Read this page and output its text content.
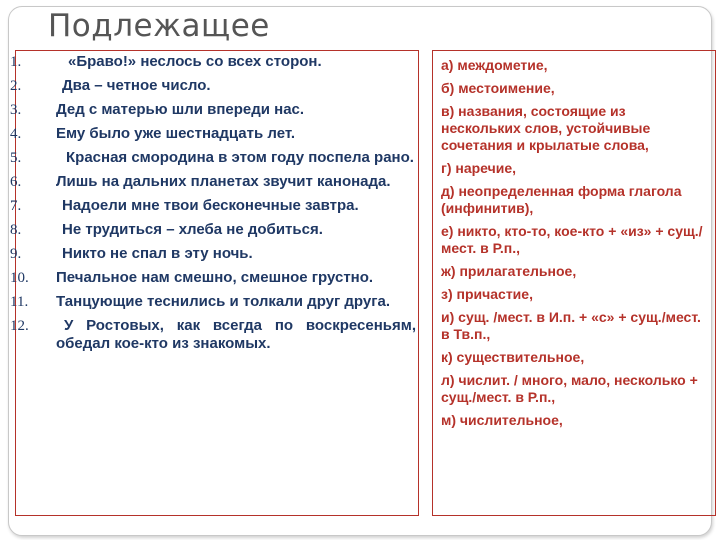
Подлежащее
1.	«Браво!» неслось со всех сторон.
2.	Два – четное число.
3.	Дед с матерью шли впереди нас.
4.	Ему было уже шестнадцать лет.
5.	Красная смородина в этом году поспела рано.
6.	Лишь на дальних планетах звучит канонада.
7.	Надоели мне твои бесконечные завтра.
8.	Не трудиться – хлеба не добиться.
9.	Никто не спал в эту ночь.
10.	Печальное нам смешно, смешное грустно.
11.	Танцующие теснились и толкали друг друга.
12.	У Ростовых, как всегда по воскресеньям, обедал кое-кто из знакомых.
а) междометие,
б) местоимение,
в) названия, состоящие из нескольких слов, устойчивые сочетания и крылатые слова,
г) наречие,
д) неопределенная форма глагола (инфинитив),
е) никто, кто-то, кое-кто + «из» + сущ./мест. в Р.п.,
ж) прилагательное,
з) причастие,
и) сущ. /мест. в И.п. + «с» + сущ./мест. в Тв.п.,
к) существительное,
л) числит. / много, мало, несколько + сущ./мест. в Р.п.,
м) числительное,
